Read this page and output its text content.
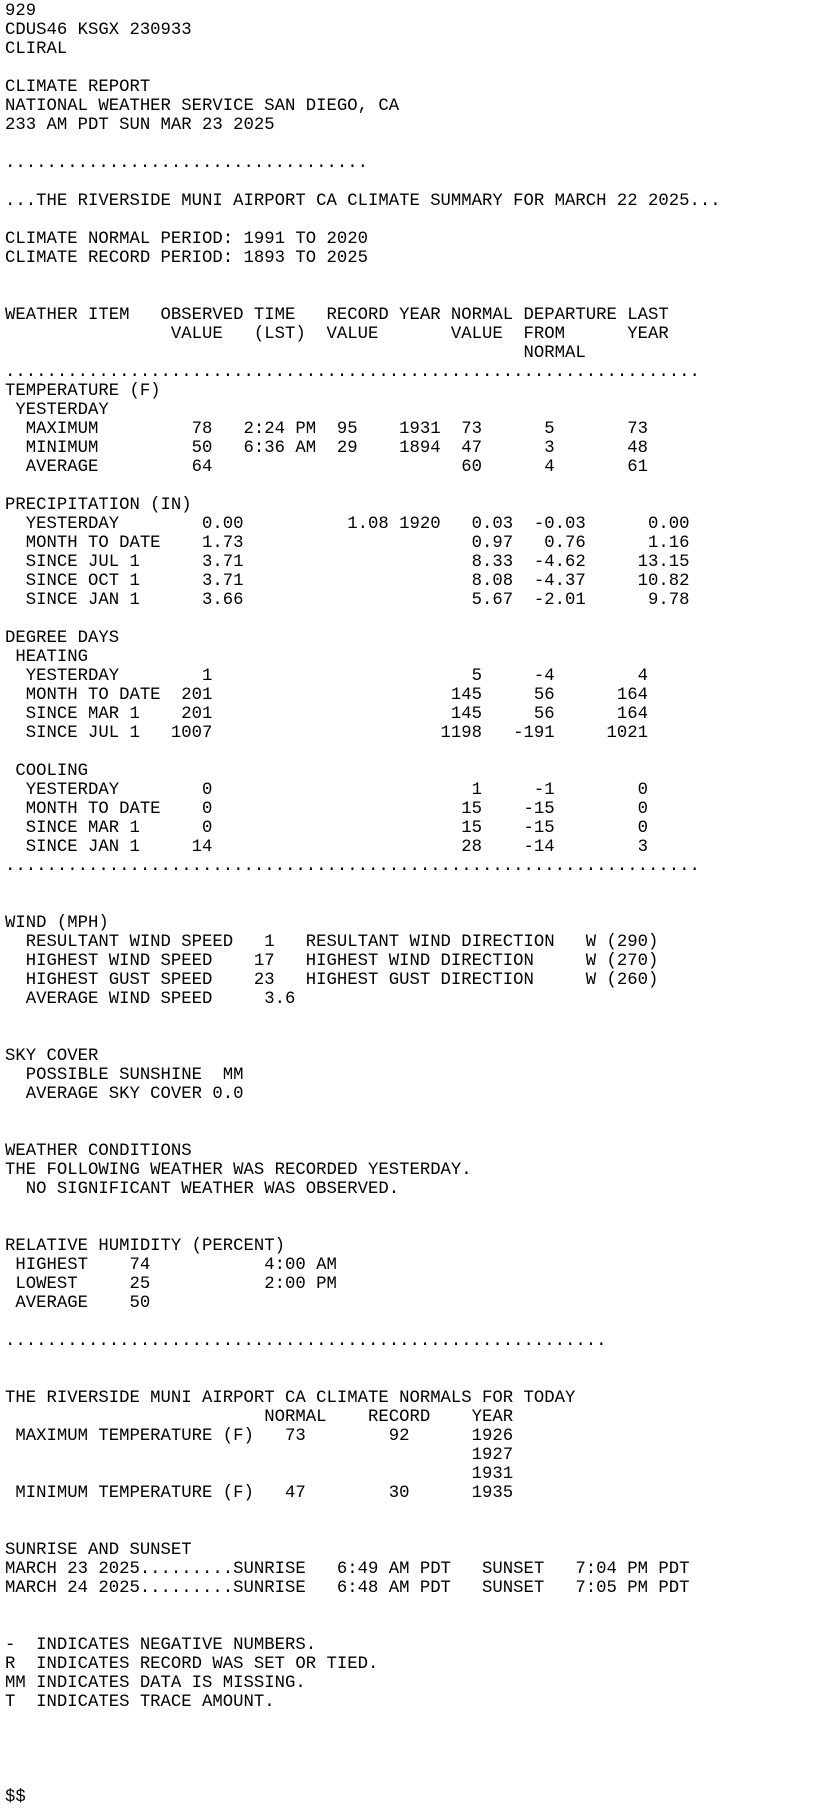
929
CDUS46 KSGX 230933
CLIRAL
CLIMATE REPORT
NATIONAL WEATHER SERVICE SAN DIEGO, CA
233 AM PDT SUN MAR 23 2025
...................................
...THE RIVERSIDE MUNI AIRPORT CA CLIMATE SUMMARY FOR MARCH 22 2025...
CLIMATE NORMAL PERIOD: 1991 TO 2020
CLIMATE RECORD PERIOD: 1893 TO 2025
WEATHER ITEM   OBSERVED TIME   RECORD YEAR NORMAL DEPARTURE LAST
VALUE   (LST)  VALUE       VALUE  FROM      YEAR
NORMAL
...................................................................
TEMPERATURE (F)
YESTERDAY
MAXIMUM         78   2:24 PM  95    1931  73      5       73
MINIMUM         50   6:36 AM  29    1894  47      3       48
AVERAGE         64                        60      4       61
PRECIPITATION (IN)
YESTERDAY        0.00          1.08 1920   0.03  -0.03      0.00
MONTH TO DATE    1.73                      0.97   0.76      1.16
SINCE JUL 1      3.71                      8.33  -4.62     13.15
SINCE OCT 1      3.71                      8.08  -4.37     10.82
SINCE JAN 1      3.66                      5.67  -2.01      9.78
DEGREE DAYS
HEATING
YESTERDAY        1                         5     -4        4
MONTH TO DATE  201                       145     56      164
SINCE MAR 1    201                       145     56      164
SINCE JUL 1   1007                      1198   -191     1021
COOLING
YESTERDAY        0                         1     -1        0
MONTH TO DATE    0                        15    -15        0
SINCE MAR 1      0                        15    -15        0
SINCE JAN 1     14                        28    -14        3
...................................................................
WIND (MPH)
RESULTANT WIND SPEED   1   RESULTANT WIND DIRECTION   W (290)
HIGHEST WIND SPEED    17   HIGHEST WIND DIRECTION     W (270)
HIGHEST GUST SPEED    23   HIGHEST GUST DIRECTION     W (260)
AVERAGE WIND SPEED     3.6
SKY COVER
POSSIBLE SUNSHINE  MM
AVERAGE SKY COVER 0.0
WEATHER CONDITIONS
THE FOLLOWING WEATHER WAS RECORDED YESTERDAY.
NO SIGNIFICANT WEATHER WAS OBSERVED.
RELATIVE HUMIDITY (PERCENT)
HIGHEST    74           4:00 AM
LOWEST     25           2:00 PM
AVERAGE    50
..........................................................
THE RIVERSIDE MUNI AIRPORT CA CLIMATE NORMALS FOR TODAY
NORMAL    RECORD    YEAR
MAXIMUM TEMPERATURE (F)   73        92      1926
1927
1931
MINIMUM TEMPERATURE (F)   47        30      1935
SUNRISE AND SUNSET
MARCH 23 2025.........SUNRISE   6:49 AM PDT   SUNSET   7:04 PM PDT
MARCH 24 2025.........SUNRISE   6:48 AM PDT   SUNSET   7:05 PM PDT
-  INDICATES NEGATIVE NUMBERS.
R  INDICATES RECORD WAS SET OR TIED.
MM INDICATES DATA IS MISSING.
T  INDICATES TRACE AMOUNT.
$$
